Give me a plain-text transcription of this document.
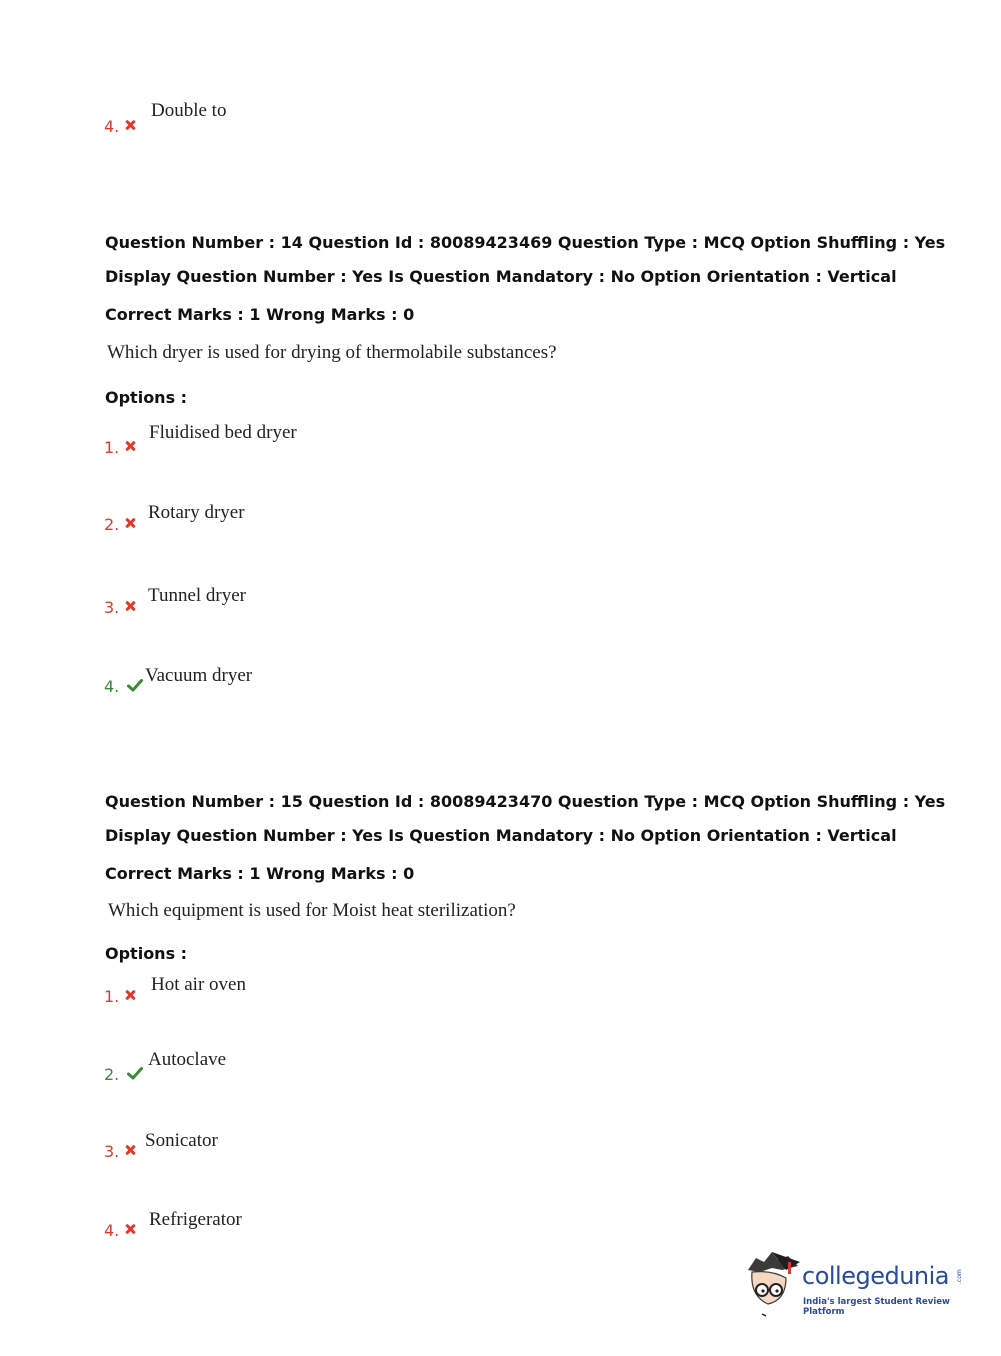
4.
Double to
Question Number : 14 Question Id : 80089423469 Question Type : MCQ Option Shuffling : Yes
Display Question Number : Yes Is Question Mandatory : No Option Orientation : Vertical
Correct Marks : 1 Wrong Marks : 0
Which dryer is used for drying of thermolabile substances?
Options :
1.
Fluidised bed dryer
2.
Rotary dryer
3.
Tunnel dryer
4.
Vacuum dryer
Question Number : 15 Question Id : 80089423470 Question Type : MCQ Option Shuffling : Yes
Display Question Number : Yes Is Question Mandatory : No Option Orientation : Vertical
Correct Marks : 1 Wrong Marks : 0
Which equipment is used for Moist heat sterilization?
Options :
1.
Hot air oven
2.
Autoclave
3.
Sonicator
4.
Refrigerator
collegedunia .com
India's largest Student Review Platform
